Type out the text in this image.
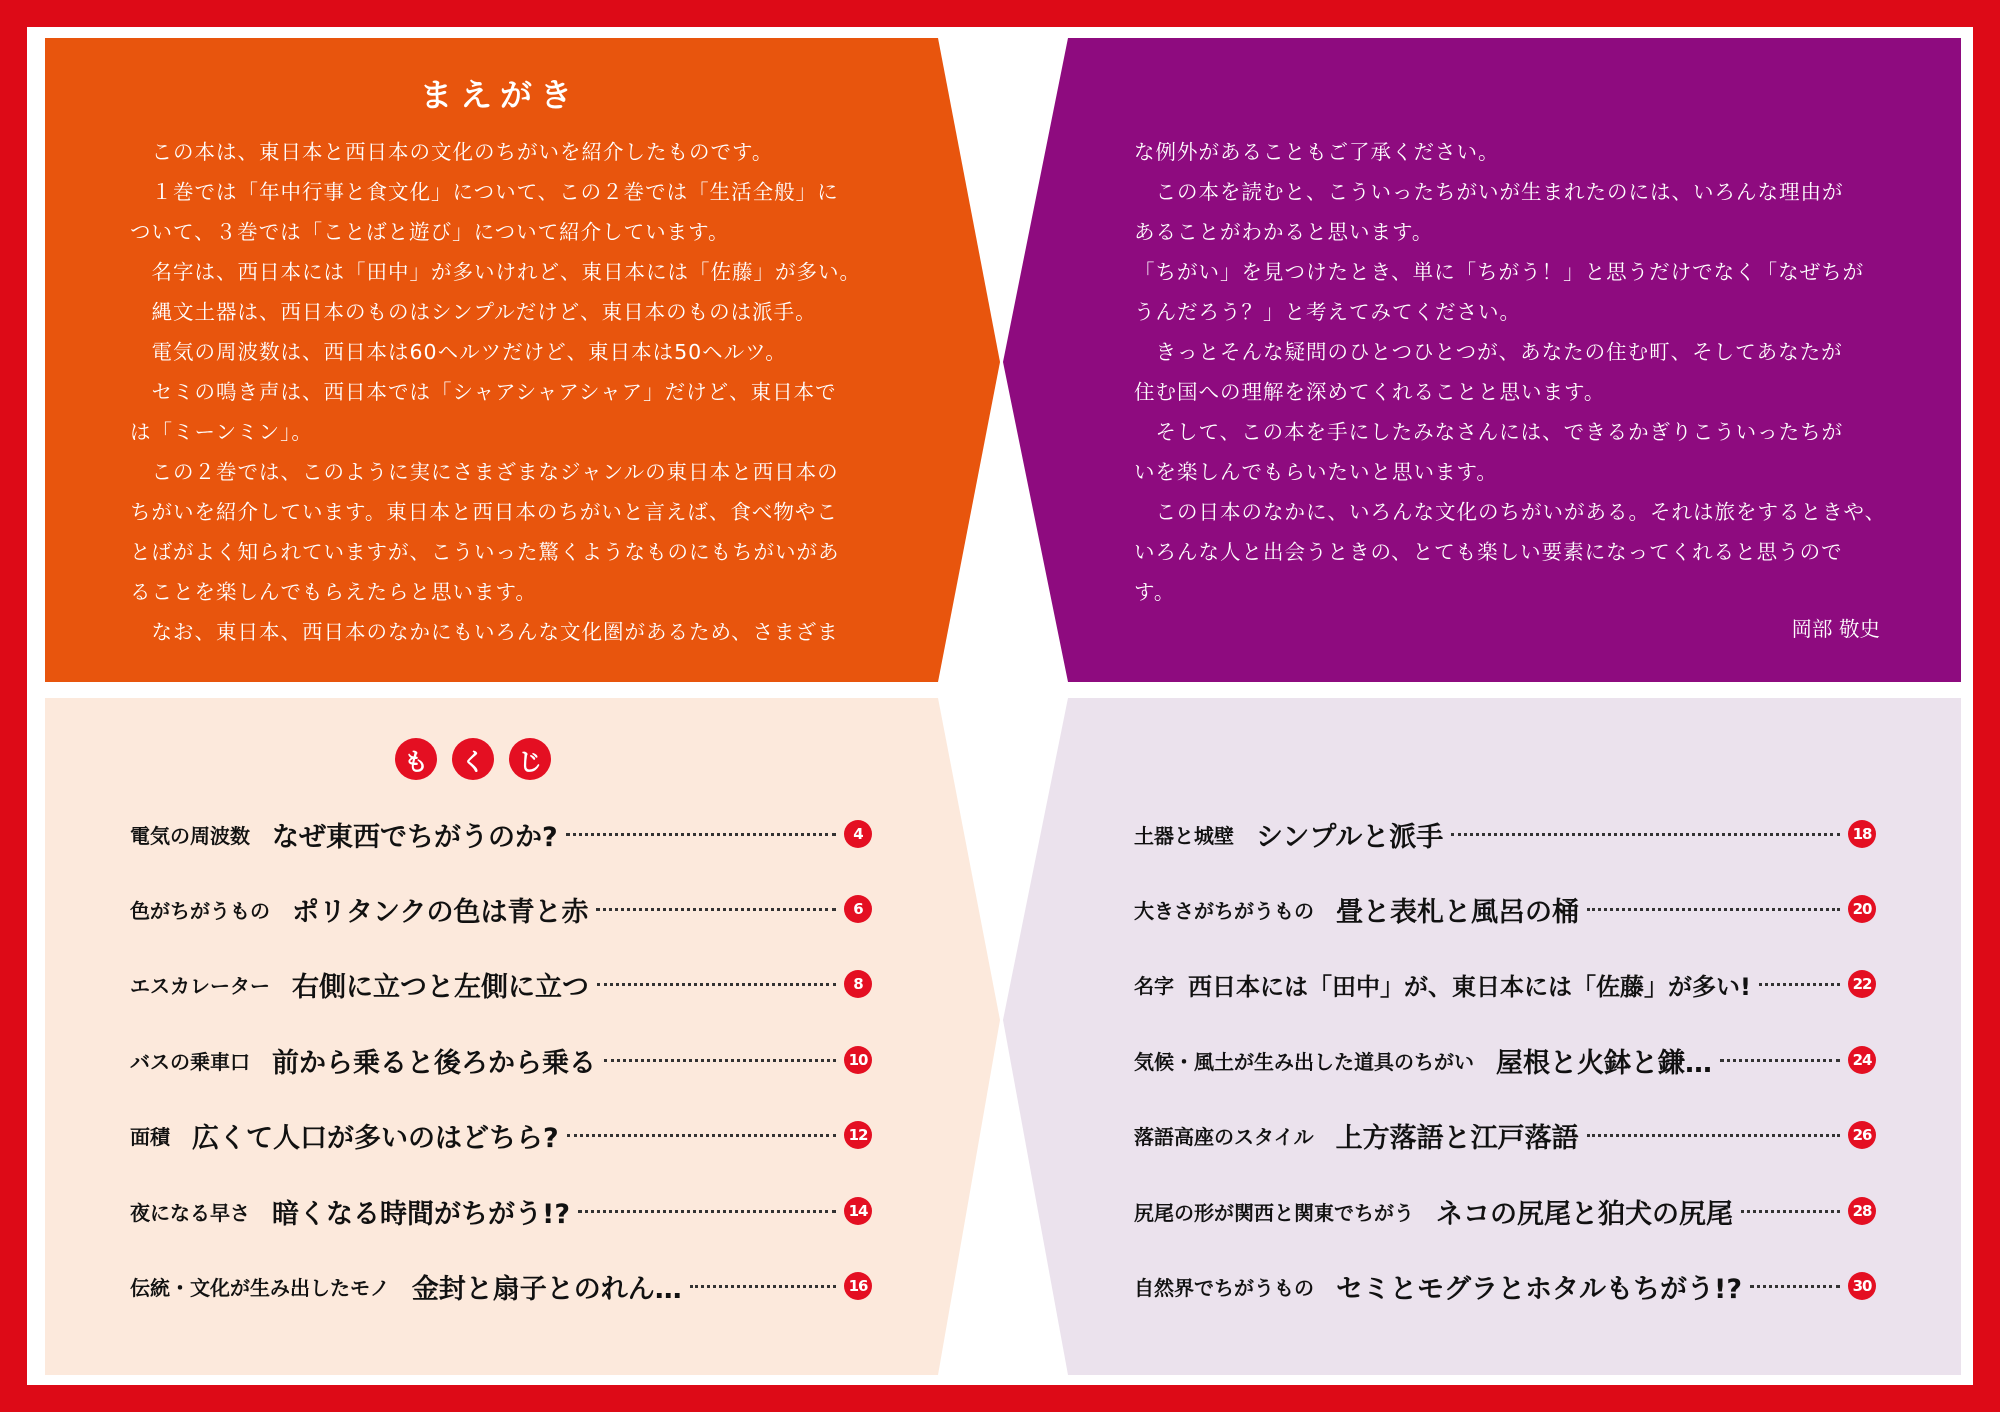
まえがき
　この本は、東日本と西日本の文化のちがいを紹介したものです。
　１巻では「年中行事と食文化」について、この２巻では「生活全般」に
ついて、３巻では「ことばと遊び」について紹介しています。
　名字は、西日本には「田中」が多いけれど、東日本には「佐藤」が多い。
　縄文土器は、西日本のものはシンプルだけど、東日本のものは派手。
　電気の周波数は、西日本は60ヘルツだけど、東日本は50ヘルツ。
　セミの鳴き声は、西日本では「シャアシャアシャア」だけど、東日本で
は「ミーンミン」。
　この２巻では、このように実にさまざまなジャンルの東日本と西日本の
ちがいを紹介しています。東日本と西日本のちがいと言えば、食べ物やこ
とばがよく知られていますが、こういった驚くようなものにもちがいがあ
ることを楽しんでもらえたらと思います。
　なお、東日本、西日本のなかにもいろんな文化圏があるため、さまざま
な例外があることもご了承ください。
　この本を読むと、こういったちがいが生まれたのには、いろんな理由が
あることがわかると思います。
「ちがい」を見つけたとき、単に「ちがう！」と思うだけでなく「なぜちが
うんだろう？」と考えてみてください。
　きっとそんな疑問のひとつひとつが、あなたの住む町、そしてあなたが
住む国への理解を深めてくれることと思います。
　そして、この本を手にしたみなさんには、できるかぎりこういったちが
いを楽しんでもらいたいと思います。
　この日本のなかに、いろんな文化のちがいがある。それは旅をするときや、
いろんな人と出会うときの、とても楽しい要素になってくれると思うので
す。
岡部 敬史
も	く	じ
電気の周波数 なぜ東西でちがうのか?	4
色がちがうもの ポリタンクの色は青と赤	6
エスカレーター 右側に立つと左側に立つ	8
バスの乗車口 前から乗ると後ろから乗る	10
面積 広くて人口が多いのはどちら?	12
夜になる早さ 暗くなる時間がちがう!?	14
伝統・文化が生み出したモノ 金封と扇子とのれん…	16
土器と城壁 シンプルと派手	18
大きさがちがうもの 畳と表札と風呂の桶	20
名字 西日本には「田中」が、東日本には「佐藤」が多い!	22
気候・風土が生み出した道具のちがい 屋根と火鉢と鎌…	24
落語高座のスタイル 上方落語と江戸落語	26
尻尾の形が関西と関東でちがう ネコの尻尾と狛犬の尻尾	28
自然界でちがうもの セミとモグラとホタルもちがう!?	30
